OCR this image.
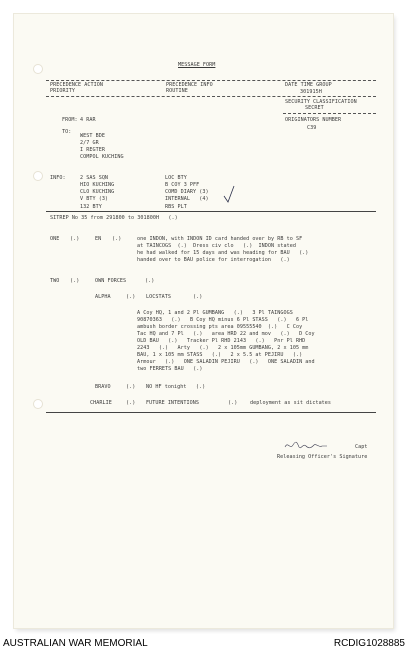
MESSAGE FORM
PRECEDENCE ACTION
PRIORITY
PRECEDENCE INFO
ROUTINE
DATE TIME GROUP
301915H
SECURITY CLASSIFICATION
SECRET
ORIGINATORS NUMBER
C39
FROM: 4 RAR
TO:
WEST BDE
2/7 GR
I REGTER
COMPOL KUCHING
INFO:	2 SAS SQN
HIO KUCHING
CLO KUCHING
V BTY (3)
132 BTY
LOC BTY
B COY 3 PFF
COMD DIARY (3)
INTERNAL   (4)
RBS PLT
SITREP No 35 from 291800 to 301800H   (.)
ONE (.)	EN (.)	one INDON, with INDON ID card handed over by RB to SF
at TAINCOGS  (.)  Dress civ clo   (.)  INDON stated
he had walked for 15 days and was heading for BAU   (.)
handed over to BAU police for interrogation   (.)
TWO (.)	OWN FORCES	(.)
ALPHA	(.) LOCSTATS	(.)
A Coy HQ, 1 and 2 Pl GUMBANG   (.)   3 Pl TAINGOGS
90870363   (.)   B Coy HQ minus 6 Pl STASS   (.)   6 Pl
ambush border crossing pts area 09555540  (.)   C Coy
Tac HQ and 7 Pl   (.)   area HRD 22 and mov   (.)   D Coy
OLD BAU   (.)   Tracker Pl RHD 2143   (.)   Pnr Pl RHD
2243   (.)   Arty   (.)   2 x 105mm GUMBANG, 2 x 105 mm
BAU, 1 x 105 mm STASS   (.)   2 x 5.5 at PEJIRU   (.)
Armour   (.)   ONE SALADIN PEJIRU   (.)   ONE SALADIN and
two FERRETS BAU   (.)
BRAVO	(.) NO HF tonight   (.)
CHARLIE	(.) FUTURE INTENTIONS	(.) deployment as sit dictates
Capt
Releasing Officer's Signature
AUSTRALIAN WAR MEMORIAL	RCDIG1028885
